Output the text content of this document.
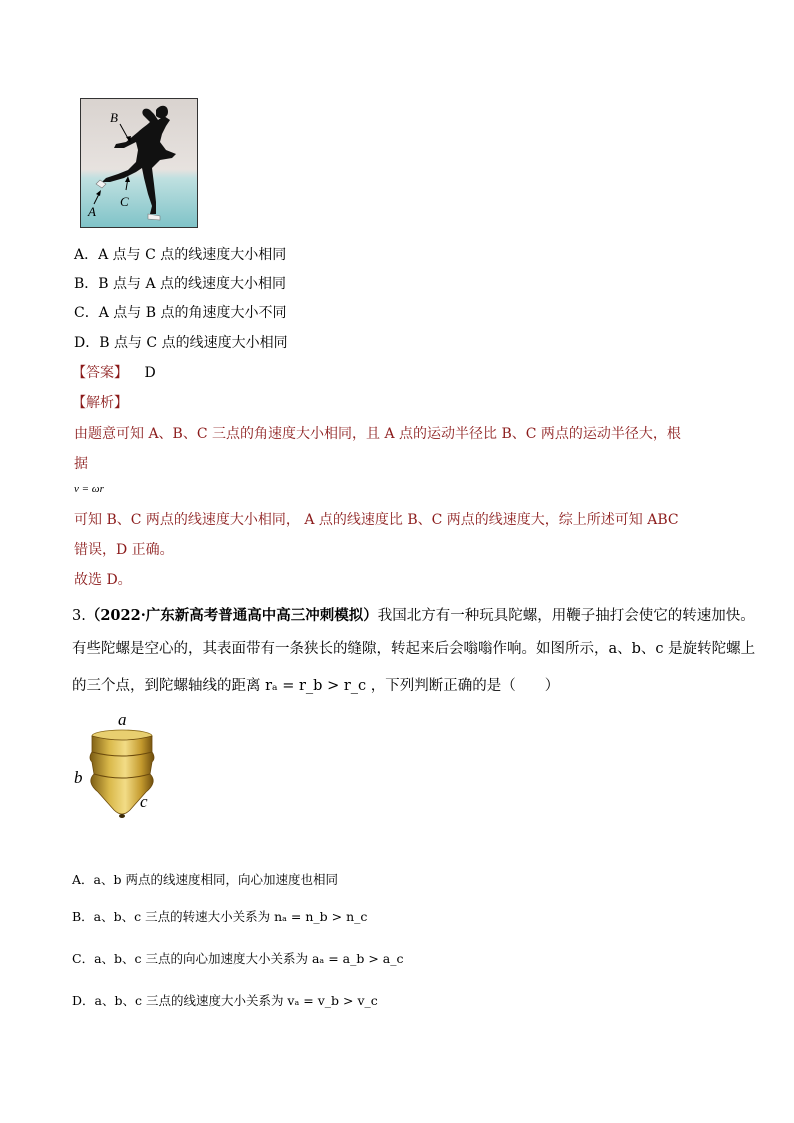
B
C
A
A．A 点与 C 点的线速度大小相同
B．B 点与 A 点的线速度大小相同
C．A 点与 B 点的角速度大小不同
D．B 点与 C 点的线速度大小相同
【答案】 D
【解析】
由题意可知 A、B、C 三点的角速度大小相同，且 A 点的运动半径比 B、C 两点的运动半径大，根
据
v = ωr
可知 B、C 两点的线速度大小相同， A 点的线速度比 B、C 两点的线速度大，综上所述可知 ABC
错误，D 正确。
故选 D。
3.（2022·广东新高考普通高中高三冲刺模拟）我国北方有一种玩具陀螺，用鞭子抽打会使它的转速加快。
有些陀螺是空心的，其表面带有一条狭长的缝隙，转起来后会嗡嗡作响。如图所示，a、b、c 是旋转陀螺上
的三个点，到陀螺轴线的距离 rₐ = r_b > r_c ，下列判断正确的是（　　）
a
b
c
A．a、b 两点的线速度相同，向心加速度也相同
B．a、b、c 三点的转速大小关系为 nₐ = n_b > n_c
C．a、b、c 三点的向心加速度大小关系为 aₐ = a_b > a_c
D．a、b、c 三点的线速度大小关系为 vₐ = v_b > v_c
